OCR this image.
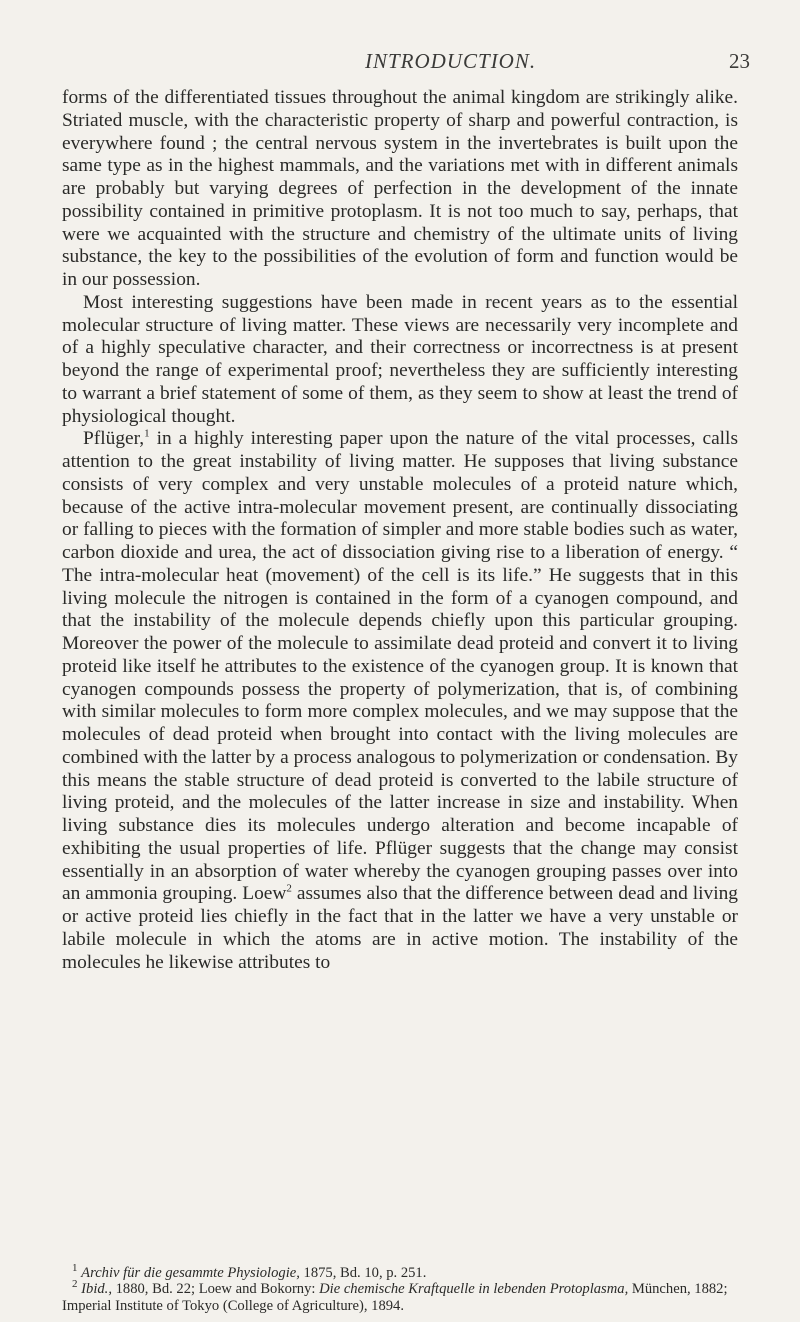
INTRODUCTION.	23

forms of the differentiated tissues throughout the animal kingdom are strikingly alike. Striated muscle, with the characteristic property of sharp and powerful contraction, is everywhere found ; the central nervous system in the invertebrates is built upon the same type as in the highest mammals, and the variations met with in different animals are probably but varying degrees of perfection in the development of the innate possibility contained in primitive protoplasm. It is not too much to say, perhaps, that were we acquainted with the structure and chemistry of the ultimate units of living substance, the key to the possibilities of the evolution of form and function would be in our possession.

Most interesting suggestions have been made in recent years as to the essential molecular structure of living matter. These views are necessarily very incomplete and of a highly speculative character, and their correctness or incorrectness is at present beyond the range of experimental proof; nevertheless they are sufficiently interesting to warrant a brief statement of some of them, as they seem to show at least the trend of physiological thought.

Pflüger,$^1$ in a highly interesting paper upon the nature of the vital processes, calls attention to the great instability of living matter. He supposes that living substance consists of very complex and very unstable molecules of a proteid nature which, because of the active intra-molecular movement present, are continually dissociating or falling to pieces with the formation of simpler and more stable bodies such as water, carbon dioxide and urea, the act of dissociation giving rise to a liberation of energy. “ The intra-molecular heat (movement) of the cell is its life.” He suggests that in this living molecule the nitrogen is contained in the form of a cyanogen compound, and that the instability of the molecule depends chiefly upon this particular grouping. Moreover the power of the molecule to assimilate dead proteid and convert it to living proteid like itself he attributes to the existence of the cyanogen group. It is known that cyanogen compounds possess the property of polymerization, that is, of combining with similar molecules to form more complex molecules, and we may suppose that the molecules of dead proteid when brought into contact with the living molecules are combined with the latter by a process analogous to polymerization or condensation. By this means the stable structure of dead proteid is converted to the labile structure of living proteid, and the molecules of the latter increase in size and instability. When living substance dies its molecules undergo alteration and become incapable of exhibiting the usual properties of life. Pflüger suggests that the change may consist essentially in an absorption of water whereby the cyanogen grouping passes over into an ammonia grouping. Loew$^2$ assumes also that the difference between dead and living or active proteid lies chiefly in the fact that in the latter we have a very unstable or labile molecule in which the atoms are in active motion. The instability of the molecules he likewise attributes to

$^1$ Archiv für die gesammte Physiologie, 1875, Bd. 10, p. 251.

$^2$ Ibid., 1880, Bd. 22; Loew and Bokorny: Die chemische Kraftquelle in lebenden Protoplasma, München, 1882; Imperial Institute of Tokyo (College of Agriculture), 1894.
